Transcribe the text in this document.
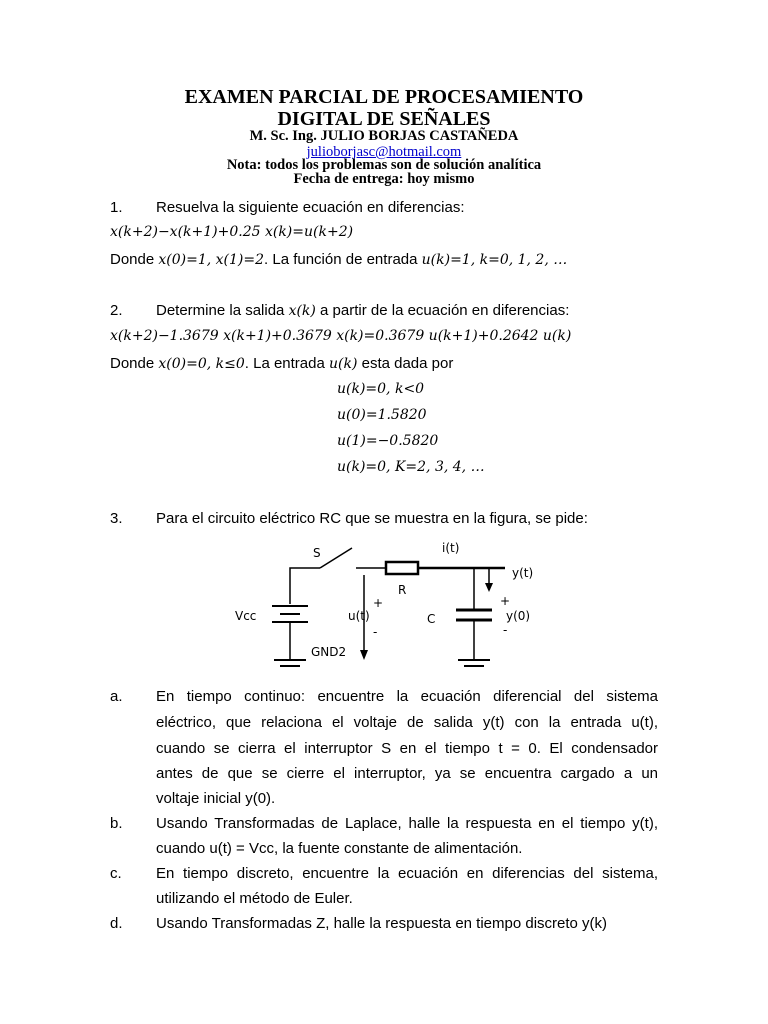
EXAMEN PARCIAL DE PROCESAMIENTO
DIGITAL DE SEÑALES
M. Sc. Ing. JULIO BORJAS CASTAÑEDA
julioborjasc@hotmail.com
Nota: todos los problemas son de solución analítica
Fecha de entrega: hoy mismo
1. Resuelva la siguiente ecuación en diferencias:
x(k+2)−x(k+1)+0.25 x(k)=u(k+2)
Donde x(0)=1, x(1)=2. La función de entrada u(k)=1, k=0, 1, 2, …
2. Determine la salida x(k) a partir de la ecuación en diferencias:
x(k+2)−1.3679 x(k+1)+0.3679 x(k)=0.3679 u(k+1)+0.2642 u(k)
Donde x(0)=0, k≤0. La entrada u(k) esta dada por
u(k)=0, k<0
u(0)=1.5820
u(1)=−0.5820
u(k)=0, K=2, 3, 4, …
3. Para el circuito eléctrico RC que se muestra en la figura, se pide:
S	i(t)
y(t)
R
+
-
+
-
Vcc	u(t)	C	y(0)
GND2
a. En tiempo continuo: encuentre la ecuación diferencial del sistema
eléctrico, que relaciona el voltaje de salida y(t) con la entrada u(t),
cuando se cierra el interruptor S en el tiempo t = 0. El condensador
antes de que se cierre el interruptor, ya se encuentra cargado a un
voltaje inicial y(0).
b. Usando Transformadas de Laplace, halle la respuesta en el tiempo y(t),
cuando u(t) = Vcc, la fuente constante de alimentación.
c. En tiempo discreto, encuentre la ecuación en diferencias del sistema,
utilizando el método de Euler.
d. Usando Transformadas Z, halle la respuesta en tiempo discreto y(k)
